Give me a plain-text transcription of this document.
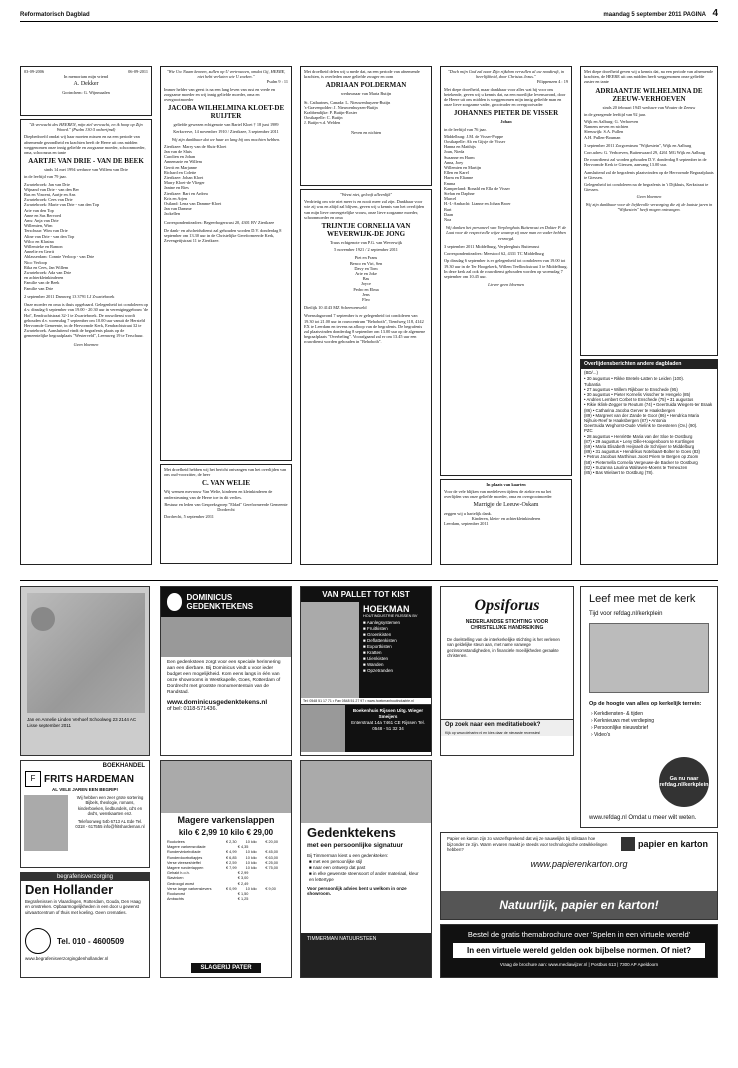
Reformatorisch Dagblad	maandag 5 september 2011 PAGINA 4
03-09-2006	06-09-2011
In memoriam mijn vriend
A. Dekker
Gorinchem: G. Wijnmaalen
"Ik verwacht des HEEREN, mijn ziel verwacht, en ik hoop op Zijn Woord." (Psalm 130:5 onberijmd)
Diepbedroefd omdat wij haar moeten missen en na een periode van afnemende gezondheid en krachten heeft de Heere uit ons midden weggenomen onze innig geliefde en zorgzame moeder, schoonmoeder, oma, schoonzus en tante
AARTJE VAN DRIE - VAN DE BEEK
sinds 14 mei 1994 weduwe van Willem van Drie
in de leeftijd van 79 jaar.
Zwartebroek: Jan van Drie
Wijnand van Drie - van den Ber
Bas en Vincent, Aartje en Ans
Zwartebroek: Cees van Drie
Zwartebroek: Marie van Drie - van den Top
Arie van den Top
Anne en Sas Bervoed
Ams: Anja van Drie
Willemien, Wim
Terschuur: Wim van Drie
Aline van Drie - van den Top
Wilco en Klasina
Willemieke en Ramon
Annelie en Gerrit
Ablasserdam: Connie Verloop - van Drie
Nico Verloop
Rika en Cees, Jan Willem
Zwartebroek: Ada van Drie
en achterkleinkinderen
Familie van de Beek
Familie van Drie
2 september 2011 Damweg 13 3791 LJ Zwartebroek
Onze moeder en oma is thuis opgebaard. Gelegenheid tot condoleren op d.v. dinsdag 6 september van 19.00 - 20.30 uur in vereniginggebouw 'de Hof', Eendrachtstraat 32-1 te Zwartebroek. De rouwdienst wordt gehouden d.v. woensdag 7 september om 10.00 uur vanuit de Hersteld Hervormde Gemeente, in de Hervormde Kerk, Eendrachtstraat 32 te Zwartebroek. Aansluitend vindt de begrafenis plaats op de gemeentelijke begraafplaats "Westerveld", Leemweg 19 te Terschuur.
Geen bloemen
"Wie Uw Naam kennen, zullen op U vertrouwen, omdat Gij, HEERE, niet hebt verlaten wie U zoeken."
Psalm 9 : 11
Immer helder van geest is na een lang leven van rust en vrede en zorgzame moeder en wij innig geliefde moeder, oma en overgrootmoeder
JACOBA WILHELMINA KLOET-DE RUIJTER
geliefde gewezen echtgenote van Bartel Kloet † 18 juni 1989
Kerkwerve, 14 november 1910 / Zierikzee, 3 september 2011
Wij zijn dankbaar dat we haar zo lang bij ons mochten hebben.
Zierikzee: Marry van de Sluis-Kloet
Jan van de Sluis
Carolien en Johan
Annemarie en Willem
Gerrit en Marjanne
Richard en Colette
Zierikzee: Johan Kloet
Marry Kloet-de Vlieger
Janine en Ries
Zierikzee: Bart en Ardrea
Kris en Arjen
Ostland: Lena van Damme-Kloet
Jan van Damme
Jackellen
Correspondentieadres: Begeerbogersrust 20, 4301 BV Zierikzee
De dank- en afscheidsdienst zal gehouden worden D.V. donderdag 8 september om 13.30 uur in de Christelijke Gereformeerde Kerk, Zevengetijstraat 11 te Zierikzee.
Met droefheid hebben wij het bericht ontvangen van het overlijden van ons oud-voorzitter, de heer
C. VAN WELIE
Wij wensen mevrouw Van Welie, kinderen en kleinkinderen de ondersteuning van de Heere toe in dit verlies.
Bestuur en leden van Gespreksgroep "Eldad" Gereformeerde Gemeente Dordrecht
Dordrecht, 5 september 2011
Met droefheid delen wij u mede dat, na een periode van afnemende krachten, is overleden onze geliefde zwager en oom
ADRIAAN POLDERMAN
weduwnaar van Maria Butijn
St. Catharines, Canada: L. Nieuwenhuyzen-Butijn
's-Gravenpolder: J. Nieuwenhuyzen-Butijn
Krabbendijke: P. Butijn-Rosier
Oostkapelle: C. Butijn
J. Butijn-v.d. Welden
Neven en nichten
"Weest niet, gelooft alleenlijk"
Verdrietig om wie niet meer is en nooit meer zal zijn. Dankbaar voor wie zij was en altijd zal blijven, geven wij u kennis van het overlijden van mijn lieve onvergetelijke vrouw, onze lieve zorgzame moeder, schoonmoeder en oma
TRIJNTJE CORNELIA VAN WEVERWIJK-DE JONG
Truus echtgenote van P.G. van Weverwijk
5 november 1921 / 2 september 2011
Piet en Frans
Benco en Viri, Sen
Davy en Tom
Arie en Joke
Bas
Joyce
Pedro en Elma
Jens
Fleo
Dietlijk 10 4143 MZ Scheewenweld
Woensdagavond 7 september is er gelegenheid tot condoleren van 19.30 tot 21.00 uur in rouwcentrum "Behoboth", Tiendweg 118, 4142 EX te Leerdam en tevens na afloop van de begrafenis. De begrafenis zal plaatsvinden donderdag 8 september om 13.00 uur op de algemene begraafplaats "Overbeling". Voorafgaand zal er om 13.45 uur een rouwdienst worden gehouden in "Behoboth".
"Doch mijn God zal naar Zijn rijkdom vervullen al uw noodtruft, in heerlijkheid, door Christus Jezus."
Filippenzen 4 : 19
Met diepe droefheid, maar dankbaar voor alles wat hij voor ons betekende, geven wij u kennis dat, na een moeilijke levensavond, door de Heere uit ons midden is weggenomen mijn innig geliefde man en onze lieve zorgzame vader, grootvader en overgrootvader
JOHANNES PIETER DE VISSER
Johan
in de leeftijd van 76 jaar.
Middelburg: J.M. de Visser-Poppe
Oostkapelle: Ab en Gijsje de Visser
Hanna en Matthijs
Joan, Nieda
Suzanne en Harm
Anna, Joey
Willemien en Martijn
Ellen en Karel
Harm en Elianne
Emma
Kamperland: Ronald en Ella de Visser
Stefan en Daphne
Marcel
H.-I.-Ambacht: Lianne en Johan Broer
Bart
Daan
Noa
Wij danken het personeel van Verpleeghuis Buitenrust en Dokter P. de Laat voor de respectvolle wijze waarop zij onze man en vader hebben verzorgd.
3 september 2011 Middelburg, Verpleeghuis Buitenrust
Correspondentieadres: Meestoof 62, 4331 TC Middelburg
Op dinsdag 6 september is er gelegenheid tot condoleren van 19.00 tot 19.30 uur in de Ter Hoogekerk, Willem Teellinckstraat 3 te Middelburg. In deze kerk zal ook de rouwdienst gehouden worden op woensdag 7 september om 10.45 uur.
Liever geen bloemen
In plaats van kaarten
Voor de vele blijken van medeleven tijdens de ziekte en na het overlijden van onze geliefde moeder, oma en overgrootmoeder
Marrigje de Leeuw-Oskam
zeggen wij u hartelijk dank.
Kinderen, klein- en achterkleinkinderen
Leerdam, september 2011
Met diepe droefheid geven wij u kennis dat, na een periode van afnemende krachten, de HEERE uit ons midden heeft weggenomen onze geliefde zuster en tante
ADRIAANTJE WILHELMINA DE ZEEUW-VERHOEVEN
sinds 20 februari 1945 weduwe van Wouter de Zeeuw
in de gezegende leeftijd van 92 jaar.
Wijk en Aalburg: G. Verhoeven
Namens neven en nichten
Sleeuwijk: S.A. Pullen
A.H. Pullen-Bouman
3 september 2011 Zorgcentrum "Wijkestein", Wijk en Aalburg
Corr.adres: G. Verhoeven, Buitenwaard 29, 4261 MG Wijk en Aalburg
De rouwdienst zal worden gehouden D.V. donderdag 8 september in de Hervormde Kerk te Giessen, aanvang 13.00 uur.
Aansluitend zal de begrafenis plaatsvinden op de Hervormde Begraafplaats te Giessen.
Gelegenheid tot condoleren na de begrafenis in 't Dijkhuis, Kerkstraat te Giessen.
Geen bloemen
Wij zijn dankbaar voor de liefdevolle verzorging die zij de laatste jaren in "Wijkestein" heeft mogen ontvangen.
Overlijdensberichten andere dagbladen
(BD/...)
• 30 augustus • Rikke Bretels-Latten te Leiden (100).
Tubantia
• 27 augustus • Willem Rijkboer te Enschede (95)
• 30 augustus • Pieter Kornelis Visscher te Hengelo (85)
• Andries Lembert Corbet te Enschede (75) • 31 augustus
• Rikie Iklink-Zegger te Reutum (74) • Geertruida Wiegers-ter Braak (86) • Catharina Jacoba Gerver te Haaksbergen
(89) • Margreet van der Zande te Goor (86) • Hendrica Maria Nijhuis-Reef te Haaksbergen (87) • Antonia
Geertruida Weghorst-Oude Vrielink te Geesteren (Ov.) (90).
PZC
• 28 augustus • Henriëtte Maria van der Sloe te Oostburg
(87) • 29 augustus • Leny Dille-Hoogenboom te Kortlingen
(69) • Maria Elisabeth Heijnaelt de Schrijver te Middelburg
(89) • 31 augustus • Hendrikus Notebaart-Bolter te Goes (83)
• Petrus Jacobus Marthinus Joost Priem te Bergen op Zoom
(58) • Pieternella Cornelia Vergeuwe-de Backer te Oostburg
(82) • Suzanna Laurina Walraven-Moens te Temeuzen
(85) • Bas Wielaert te Oostburg (78).
Jan en Annelie Linden Verhoef Schoolweg 23 2144 AC Lisse september 2011
DOMINICUS GEDENKTEKENS
Een gedenksteen zorgt voor een speciale herinnering aan een dierbare. Bij Dominicus vindt u voor ieder budget een mogelijkheid. Kom eens langs in één van onze showrooms in Westkapelle, Goes, Rotterdam of Dordrecht met grootste monumententuin van de Randstad.
www.dominicusgedenktekens.nl
of bel: 0118-571436.
VAN PALLET TOT KIST
HOEKMAN
HOUTINDUSTRIE RIJSSEN BV
■ Aanlegsystemen
■ Fruitkisten
■ Groenkisten
■ Deflattenkisten
■ Exportkisten
■ Kratten
■ Uienkisten
■ Wanden
■ Opzetranden
Tel: 0548 51 17 71 • Fax 0548 51 27 97 • www.hoekmanhoutindustrie.nl
Boekenhuis Rijssen Uitg. Wieger Smeijers
Enterstraat 14a 7461 CE Rijssen Tel. 0548 - 51 32 34
Opsiforus
NEDERLANDSE STICHTING VOOR CHRISTELIJKE HANDREIKING
De doelstelling van de interkerkelijke stichting is het verlenen van geldelijke steun aan, met name vanwege gezinsomstandigheden, in financiële moeilijkheden geraakte christenen.
Op zoek naar een meditatieboek?
Kijk op www.deharinr.nl en kies daar de nieuwste recensies!
Leef mee met de kerk
Tijd voor refdag.nl/kerkplein
Op de hoogte van alles op kerkelijk terrein:
› Kerkdiensten- & tijden
› Kerknieuws met verdieping
› Persoonlijke nieuwsbrief
› Video's
Ga nu naar refdag.nl/kerkplein
www.refdag.nl Omdat u meer wilt weten.
BOEKHANDEL
F FRITS HARDEMAN
AL VELE JAREN EEN BEGRIP!
Wij hebben een zeer grote sortering Bijbels, theologie, romans, kinderboeken, liedbundels, cd's en dvd's, wenskaarten enz.
Telefoonweg 54b 6713 AL Ede Tel. 0318 - 617555 info@fritshardeman.nl
begrafenisverzorging
Den Hollander
Begrafenissen in Vlaardingen, Rotterdam, Gouda, Den Haag en omstreken. Opbaarmogelijkheden in een door u gewenst uitvaartcentrum of thuis met koeling. Geen crematies.
Tel. 010 - 4600509
www.begrafenisverzorgingdenhollander.nl
Magere varkenslappen
kilo € 2,99 10 kilo € 29,00
Rookvlees	€ 2,30	10 kilo	€ 20,00
Magere varkensrollade	€ 4,35
Rundervinkelrollade	€ 4,99	10 kilo	€ 45,00
Runderdoorbotlapjes	€ 6,85	10 kilo	€ 63,00
Verse vleeseshieffel	€ 2,59	10 kilo	€ 25,00
Magere runderlappen	€ 7,99	10 kilo	€ 75,00
Gehakt h.o.h.	€ 2,99
Slavinken	€ 3,00
Gedroogd worst	€ 2,49
Verse lange varkenslevers	€ 0,99	10 kilo	€ 9,00
Rookworst	€ 1,50
Ambachts	€ 1,25
SLAGERIJ PATER
Gedenktekens
met een persoonlijke signatuur
Bij Timmerman kiest u een gedenkteken:
■ met een persoonlijke stijl
■ naar een ontwerp dat past
■ in elke gewenste steensoort of ander materiaal, kleur en lettertype
Voor persoonlijk advies bent u welkom in onze showroom.
TIMMERMAN NATUURSTEEN
Papier en karton zijn zo vanzelfsprekend dat wij ze nauwelijks bij stilstaan hoe bijzonder ze zijn. Warm ervaren maakt je steeds voor technologische ontwikkelingen hebben?
papier en karton
www.papierenkarton.org
Natuurlijk, papier en karton!
Bestel de gratis themabrochure over 'Spelen in een virtuele wereld'
In een virtuele wereld gelden ook bijbelse normen. Of niet?
Vraag de brochure aan: www.mediawijzer.nl | Postbus 613 | 7300 AP Apeldoorn
